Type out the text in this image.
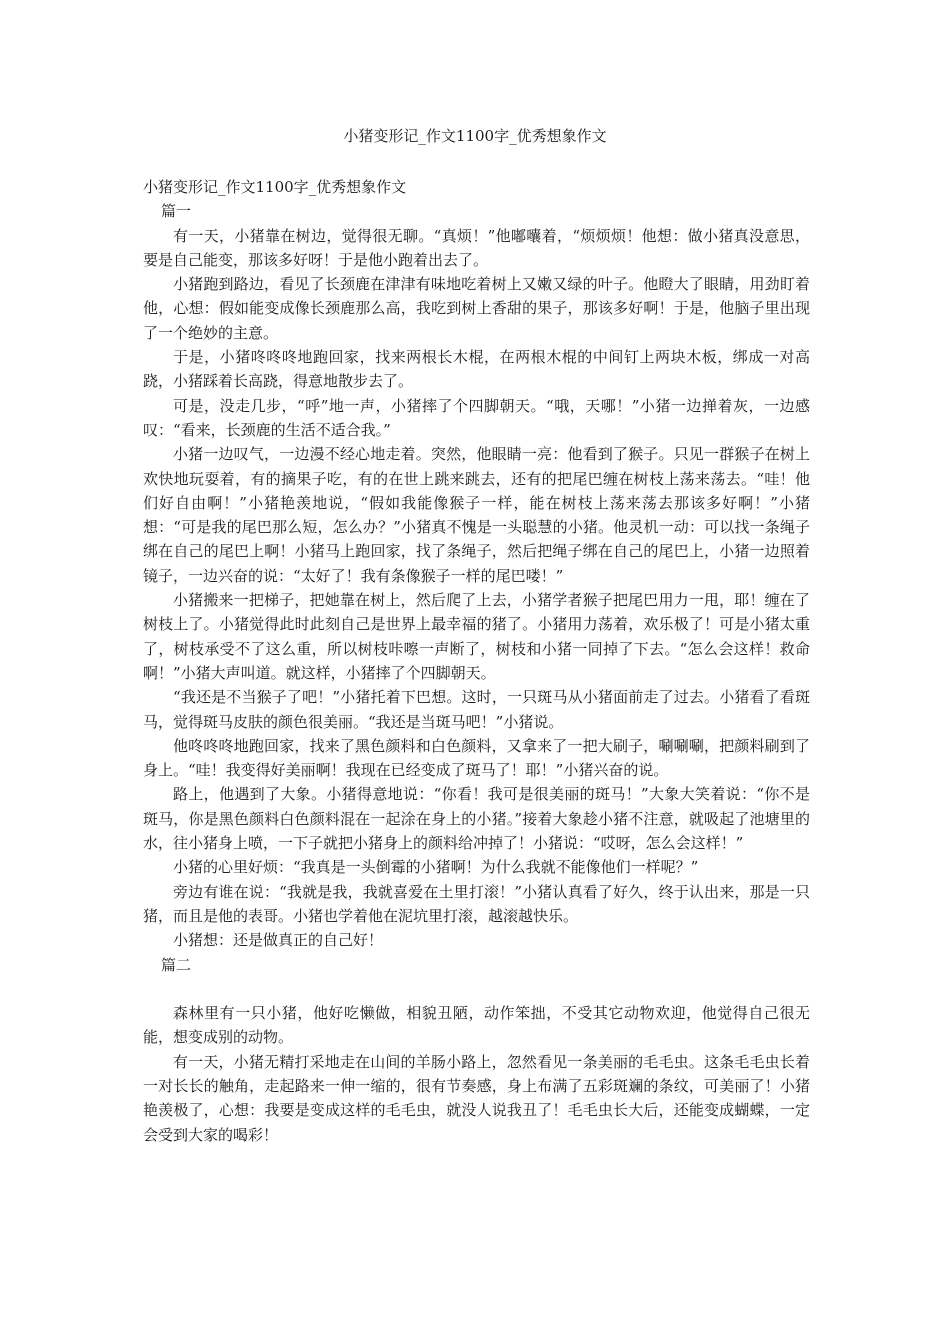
小猪变形记_作文1100字_优秀想象作文

小猪变形记_作文1100字_优秀想象作文

篇一

有一天，小猪靠在树边，觉得很无聊。“真烦！”他嘟囔着，“烦烦烦！他想：做小猪真没意思，要是自己能变，那该多好呀！于是他小跑着出去了。

小猪跑到路边，看见了长颈鹿在津津有味地吃着树上又嫩又绿的叶子。他瞪大了眼睛，用劲盯着他，心想：假如能变成像长颈鹿那么高，我吃到树上香甜的果子，那该多好啊！于是，他脑子里出现了一个绝妙的主意。

于是，小猪咚咚咚地跑回家，找来两根长木棍，在两根木棍的中间钉上两块木板，绑成一对高跷，小猪踩着长高跷，得意地散步去了。

可是，没走几步，“呼”地一声，小猪摔了个四脚朝天。“哦，天哪！”小猪一边掸着灰，一边感叹：“看来，长颈鹿的生活不适合我。”

小猪一边叹气，一边漫不经心地走着。突然，他眼睛一亮：他看到了猴子。只见一群猴子在树上欢快地玩耍着，有的摘果子吃，有的在世上跳来跳去，还有的把尾巴缠在树枝上荡来荡去。“哇！他们好自由啊！”小猪艳羡地说，“假如我能像猴子一样，能在树枝上荡来荡去那该多好啊！”小猪想：“可是我的尾巴那么短，怎么办？”小猪真不愧是一头聪慧的小猪。他灵机一动：可以找一条绳子绑在自己的尾巴上啊！小猪马上跑回家，找了条绳子，然后把绳子绑在自己的尾巴上，小猪一边照着镜子，一边兴奋的说：“太好了！我有条像猴子一样的尾巴喽！”

小猪搬来一把梯子，把她靠在树上，然后爬了上去，小猪学者猴子把尾巴用力一甩，耶！缠在了树枝上了。小猪觉得此时此刻自己是世界上最幸福的猪了。小猪用力荡着，欢乐极了！可是小猪太重了，树枝承受不了这么重，所以树枝咔嚓一声断了，树枝和小猪一同掉了下去。“怎么会这样！救命啊！”小猪大声叫道。就这样，小猪摔了个四脚朝天。

“我还是不当猴子了吧！”小猪托着下巴想。这时，一只斑马从小猪面前走了过去。小猪看了看斑马，觉得斑马皮肤的颜色很美丽。“我还是当斑马吧！”小猪说。

他咚咚咚地跑回家，找来了黑色颜料和白色颜料，又拿来了一把大刷子，唰唰唰，把颜料刷到了身上。“哇！我变得好美丽啊！我现在已经变成了斑马了！耶！”小猪兴奋的说。

路上，他遇到了大象。小猪得意地说：“你看！我可是很美丽的斑马！”大象大笑着说：“你不是斑马，你是黑色颜料白色颜料混在一起涂在身上的小猪。”接着大象趁小猪不注意，就吸起了池塘里的水，往小猪身上喷，一下子就把小猪身上的颜料给冲掉了！小猪说：“哎呀，怎么会这样！”

小猪的心里好烦：“我真是一头倒霉的小猪啊！为什么我就不能像他们一样呢？”

旁边有谁在说：“我就是我，我就喜爱在土里打滚！”小猪认真看了好久，终于认出来，那是一只猪，而且是他的表哥。小猪也学着他在泥坑里打滚，越滚越快乐。

小猪想：还是做真正的自己好！

篇二

森林里有一只小猪，他好吃懒做，相貌丑陋，动作笨拙，不受其它动物欢迎，他觉得自己很无能，想变成别的动物。

有一天，小猪无精打采地走在山间的羊肠小路上，忽然看见一条美丽的毛毛虫。这条毛毛虫长着一对长长的触角，走起路来一伸一缩的，很有节奏感，身上布满了五彩斑斓的条纹，可美丽了！小猪艳羡极了，心想：我要是变成这样的毛毛虫，就没人说我丑了！毛毛虫长大后，还能变成蝴蝶，一定会受到大家的喝彩！
